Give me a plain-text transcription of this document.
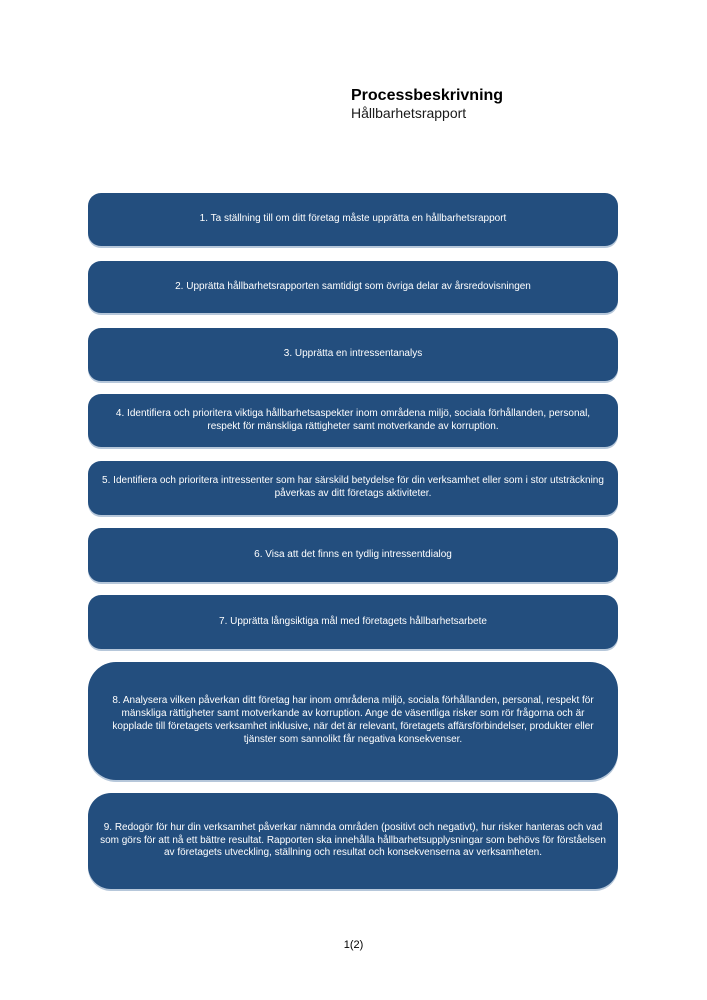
Processbeskrivning
Hållbarhetsrapport
1. Ta ställning till om ditt företag måste upprätta en hållbarhetsrapport
2. Upprätta hållbarhetsrapporten samtidigt som övriga delar av årsredovisningen
3. Upprätta en intressentanalys
4. Identifiera och prioritera viktiga hållbarhetsaspekter inom områdena miljö, sociala förhållanden, personal, respekt för mänskliga rättigheter samt motverkande av korruption.
5. Identifiera och prioritera intressenter som har särskild betydelse för din verksamhet eller som i stor utsträckning påverkas av ditt företags aktiviteter.
6. Visa att det finns en tydlig intressentdialog
7. Upprätta långsiktiga mål med företagets hållbarhetsarbete
8. Analysera vilken påverkan ditt företag har inom områdena miljö, sociala förhållanden, personal, respekt för mänskliga rättigheter samt motverkande av korruption. Ange de väsentliga risker som rör frågorna och är kopplade till företagets verksamhet inklusive, när det är relevant, företagets affärsförbindelser, produkter eller tjänster som sannolikt får negativa konsekvenser.
9. Redogör för hur din verksamhet påverkar nämnda områden (positivt och negativt), hur risker hanteras och vad som görs för att nå ett bättre resultat. Rapporten ska innehålla hållbarhetsupplysningar som behövs för förståelsen av företagets utveckling, ställning och resultat och konsekvenserna av verksamheten.
1(2)
